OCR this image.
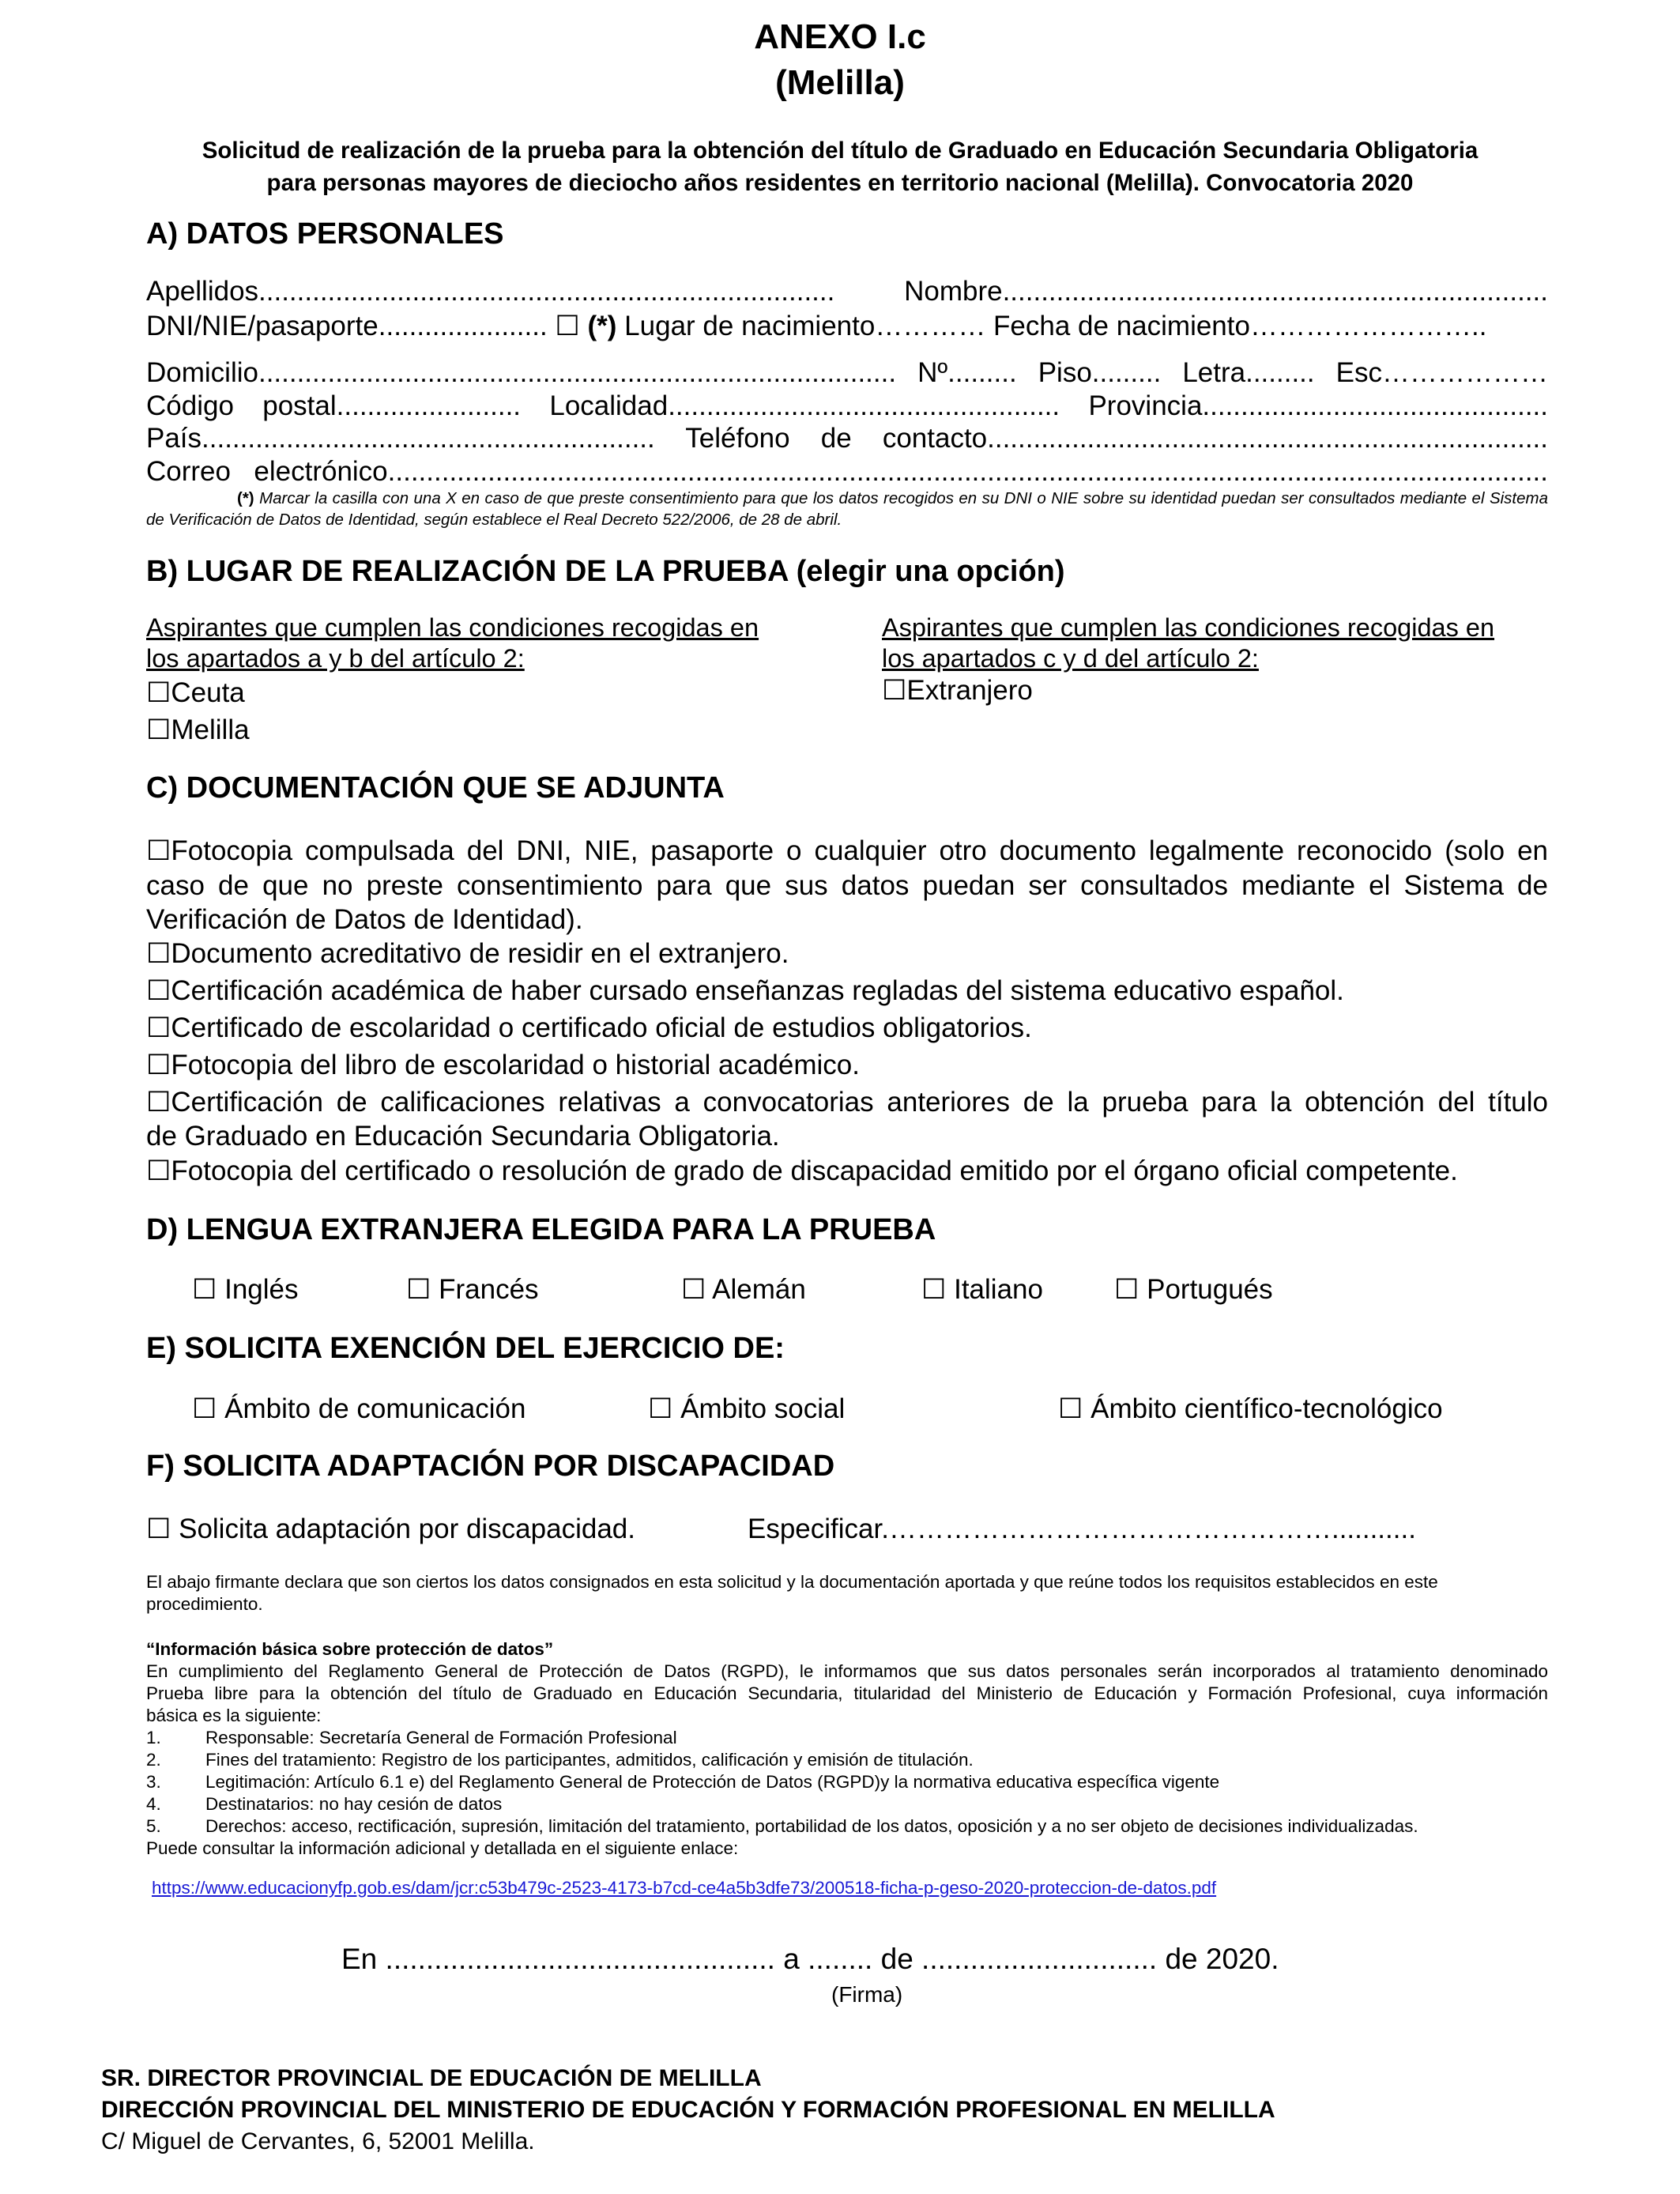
ANEXO I.c
(Melilla)
Solicitud de realización de la prueba para la obtención del título de Graduado en Educación Secundaria Obligatoria
para personas mayores de dieciocho años residentes en territorio nacional (Melilla). Convocatoria 2020
A) DATOS PERSONALES
Apellidos........................................................................... Nombre.......................................................................
DNI/NIE/pasaporte...................... ☐ (*) Lugar de nacimiento………… Fecha de nacimiento……………………..
Domicilio................................................................................... Nº......... Piso......... Letra......... Esc………………
Código postal........................ Localidad................................................... Provincia.............................................
País........................................................... Teléfono de contacto.........................................................................
Correo electrónico.......................................................................................................................................................
(*) Marcar la casilla con una X en caso de que preste consentimiento para que los datos recogidos en su DNI o NIE sobre su identidad puedan ser consultados mediante el Sistema de Verificación de Datos de Identidad, según establece el Real Decreto 522/2006, de 28 de abril.
B) LUGAR DE REALIZACIÓN DE LA PRUEBA (elegir una opción)
Aspirantes que cumplen las condiciones recogidas en
los apartados a y b del artículo 2:
☐Ceuta
☐Melilla
Aspirantes que cumplen las condiciones recogidas en
los apartados c y d del artículo 2:
☐Extranjero
C) DOCUMENTACIÓN QUE SE ADJUNTA
☐Fotocopia compulsada del DNI, NIE, pasaporte o cualquier otro documento legalmente reconocido (solo en
caso de que no preste consentimiento para que sus datos puedan ser consultados mediante el Sistema de
Verificación de Datos de Identidad).
☐Documento acreditativo de residir en el extranjero.
☐Certificación académica de haber cursado enseñanzas regladas del sistema educativo español.
☐Certificado de escolaridad o certificado oficial de estudios obligatorios.
☐Fotocopia del libro de escolaridad o historial académico.
☐Certificación de calificaciones relativas a convocatorias anteriores de la prueba para la obtención del título
de Graduado en Educación Secundaria Obligatoria.
☐Fotocopia del certificado o resolución de grado de discapacidad emitido por el órgano oficial competente.
D) LENGUA EXTRANJERA ELEGIDA PARA LA PRUEBA
☐ Inglés	☐ Francés	☐ Alemán	☐ Italiano	☐ Portugués
E) SOLICITA EXENCIÓN DEL EJERCICIO DE:
☐ Ámbito de comunicación	☐ Ámbito social	☐ Ámbito científico-tecnológico
F) SOLICITA ADAPTACIÓN POR DISCAPACIDAD
☐ Solicita adaptación por discapacidad.	Especificar.…………………………………………...........
El abajo firmante declara que son ciertos los datos consignados en esta solicitud y la documentación aportada y que reúne todos los requisitos establecidos en este
procedimiento.
“Información básica sobre protección de datos”
En cumplimiento del Reglamento General de Protección de Datos (RGPD), le informamos que sus datos personales serán incorporados al tratamiento denominado
Prueba libre para la obtención del título de Graduado en Educación Secundaria, titularidad del Ministerio de Educación y Formación Profesional, cuya información
básica es la siguiente:
1. Responsable: Secretaría General de Formación Profesional
2. Fines del tratamiento: Registro de los participantes, admitidos, calificación y emisión de titulación.
3. Legitimación: Artículo 6.1 e) del Reglamento General de Protección de Datos (RGPD)y la normativa educativa específica vigente
4. Destinatarios: no hay cesión de datos
5. Derechos: acceso, rectificación, supresión, limitación del tratamiento, portabilidad de los datos, oposición y a no ser objeto de decisiones individualizadas.
Puede consultar la información adicional y detallada en el siguiente enlace:
https://www.educacionyfp.gob.es/dam/jcr:c53b479c-2523-4173-b7cd-ce4a5b3dfe73/200518-ficha-p-geso-2020-proteccion-de-datos.pdf
En ................................................ a ........ de ............................. de 2020.
(Firma)
SR. DIRECTOR PROVINCIAL DE EDUCACIÓN DE MELILLA
DIRECCIÓN PROVINCIAL DEL MINISTERIO DE EDUCACIÓN Y FORMACIÓN PROFESIONAL EN MELILLA
C/ Miguel de Cervantes, 6, 52001 Melilla.
